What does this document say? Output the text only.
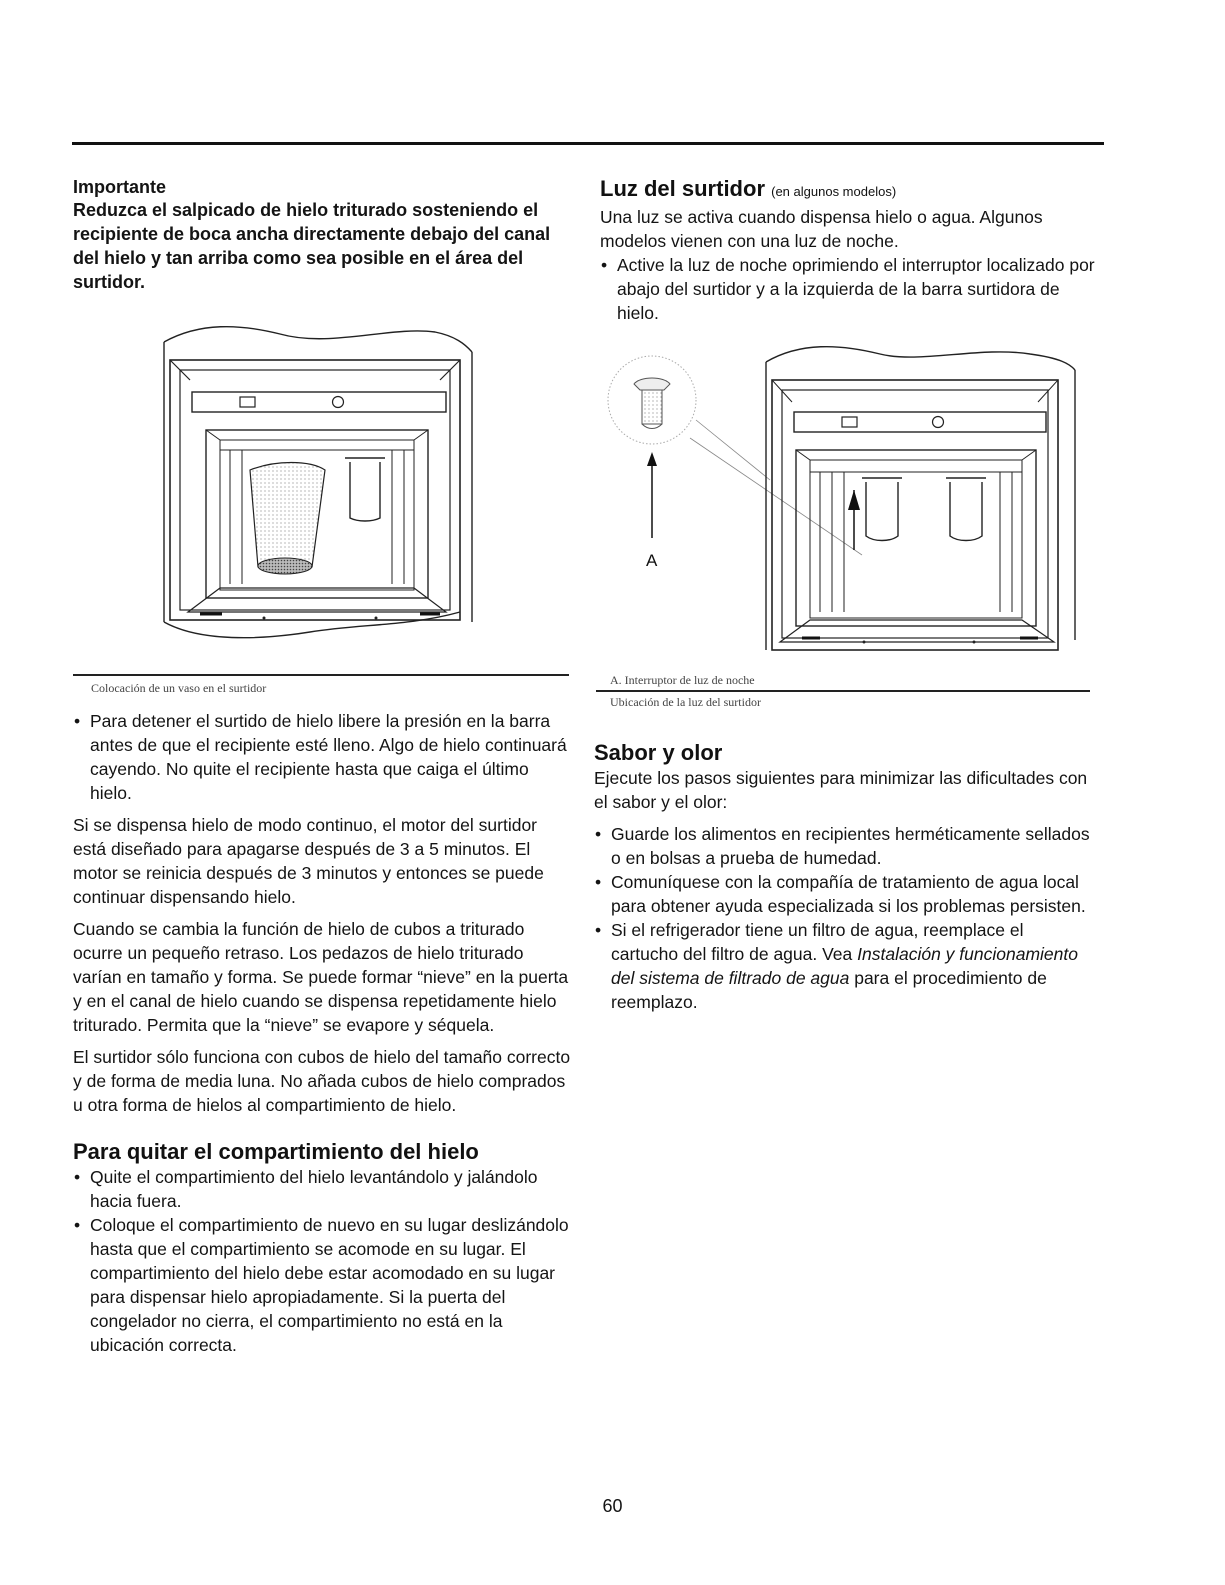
Importante

Reduzca el salpicado de hielo triturado sosteniendo el recipiente de boca ancha directamente debajo del canal del hielo y tan arriba como sea posible en el área del surtidor.

Colocación de un vaso en el surtidor
• Para detener el surtido de hielo libere la presión en la barra antes de que el recipiente esté lleno. Algo de hielo continuará cayendo. No quite el recipiente hasta que caiga el último hielo.

Si se dispensa hielo de modo continuo, el motor del surtidor está diseñado para apagarse después de 3 a 5 minutos. El motor se reinicia después de 3 minutos y entonces se puede continuar dispensando hielo.

Cuando se cambia la función de hielo de cubos a triturado ocurre un pequeño retraso. Los pedazos de hielo triturado varían en tamaño y forma. Se puede formar “nieve” en la puerta y en el canal de hielo cuando se dispensa repetidamente hielo triturado. Permita que la “nieve” se evapore y séquela.

El surtidor sólo funciona con cubos de hielo del tamaño correcto y de forma de media luna. No añada cubos de hielo comprados u otra forma de hielos al compartimiento de hielo.

Para quitar el compartimiento del hielo
• Quite el compartimiento del hielo levantándolo y jalándolo hacia fuera.
• Coloque el compartimiento de nuevo en su lugar deslizándolo hasta que el compartimiento se acomode en su lugar. El compartimiento del hielo debe estar acomodado en su lugar para dispensar hielo apropiadamente. Si la puerta del congelador no cierra, el compartimiento no está en la ubicación correcta.
Luz del surtidor (en algunos modelos)

Una luz se activa cuando dispensa hielo o agua. Algunos modelos vienen con una luz de noche.

• Active la luz de noche oprimiendo el interruptor localizado por abajo del surtidor y a la izquierda de la barra surtidora de hielo.
A
A. Interruptor de luz de noche
Ubicación de la luz del surtidor
Sabor y olor

Ejecute los pasos siguientes para minimizar las dificultades con el sabor y el olor:

• Guarde los alimentos en recipientes herméticamente sellados o en bolsas a prueba de humedad.
• Comuníquese con la compañía de tratamiento de agua local para obtener ayuda especializada si los problemas persisten.
• Si el refrigerador tiene un filtro de agua, reemplace el cartucho del filtro de agua. Vea Instalación y funcionamiento del sistema de filtrado de agua para el procedimiento de reemplazo.
60
